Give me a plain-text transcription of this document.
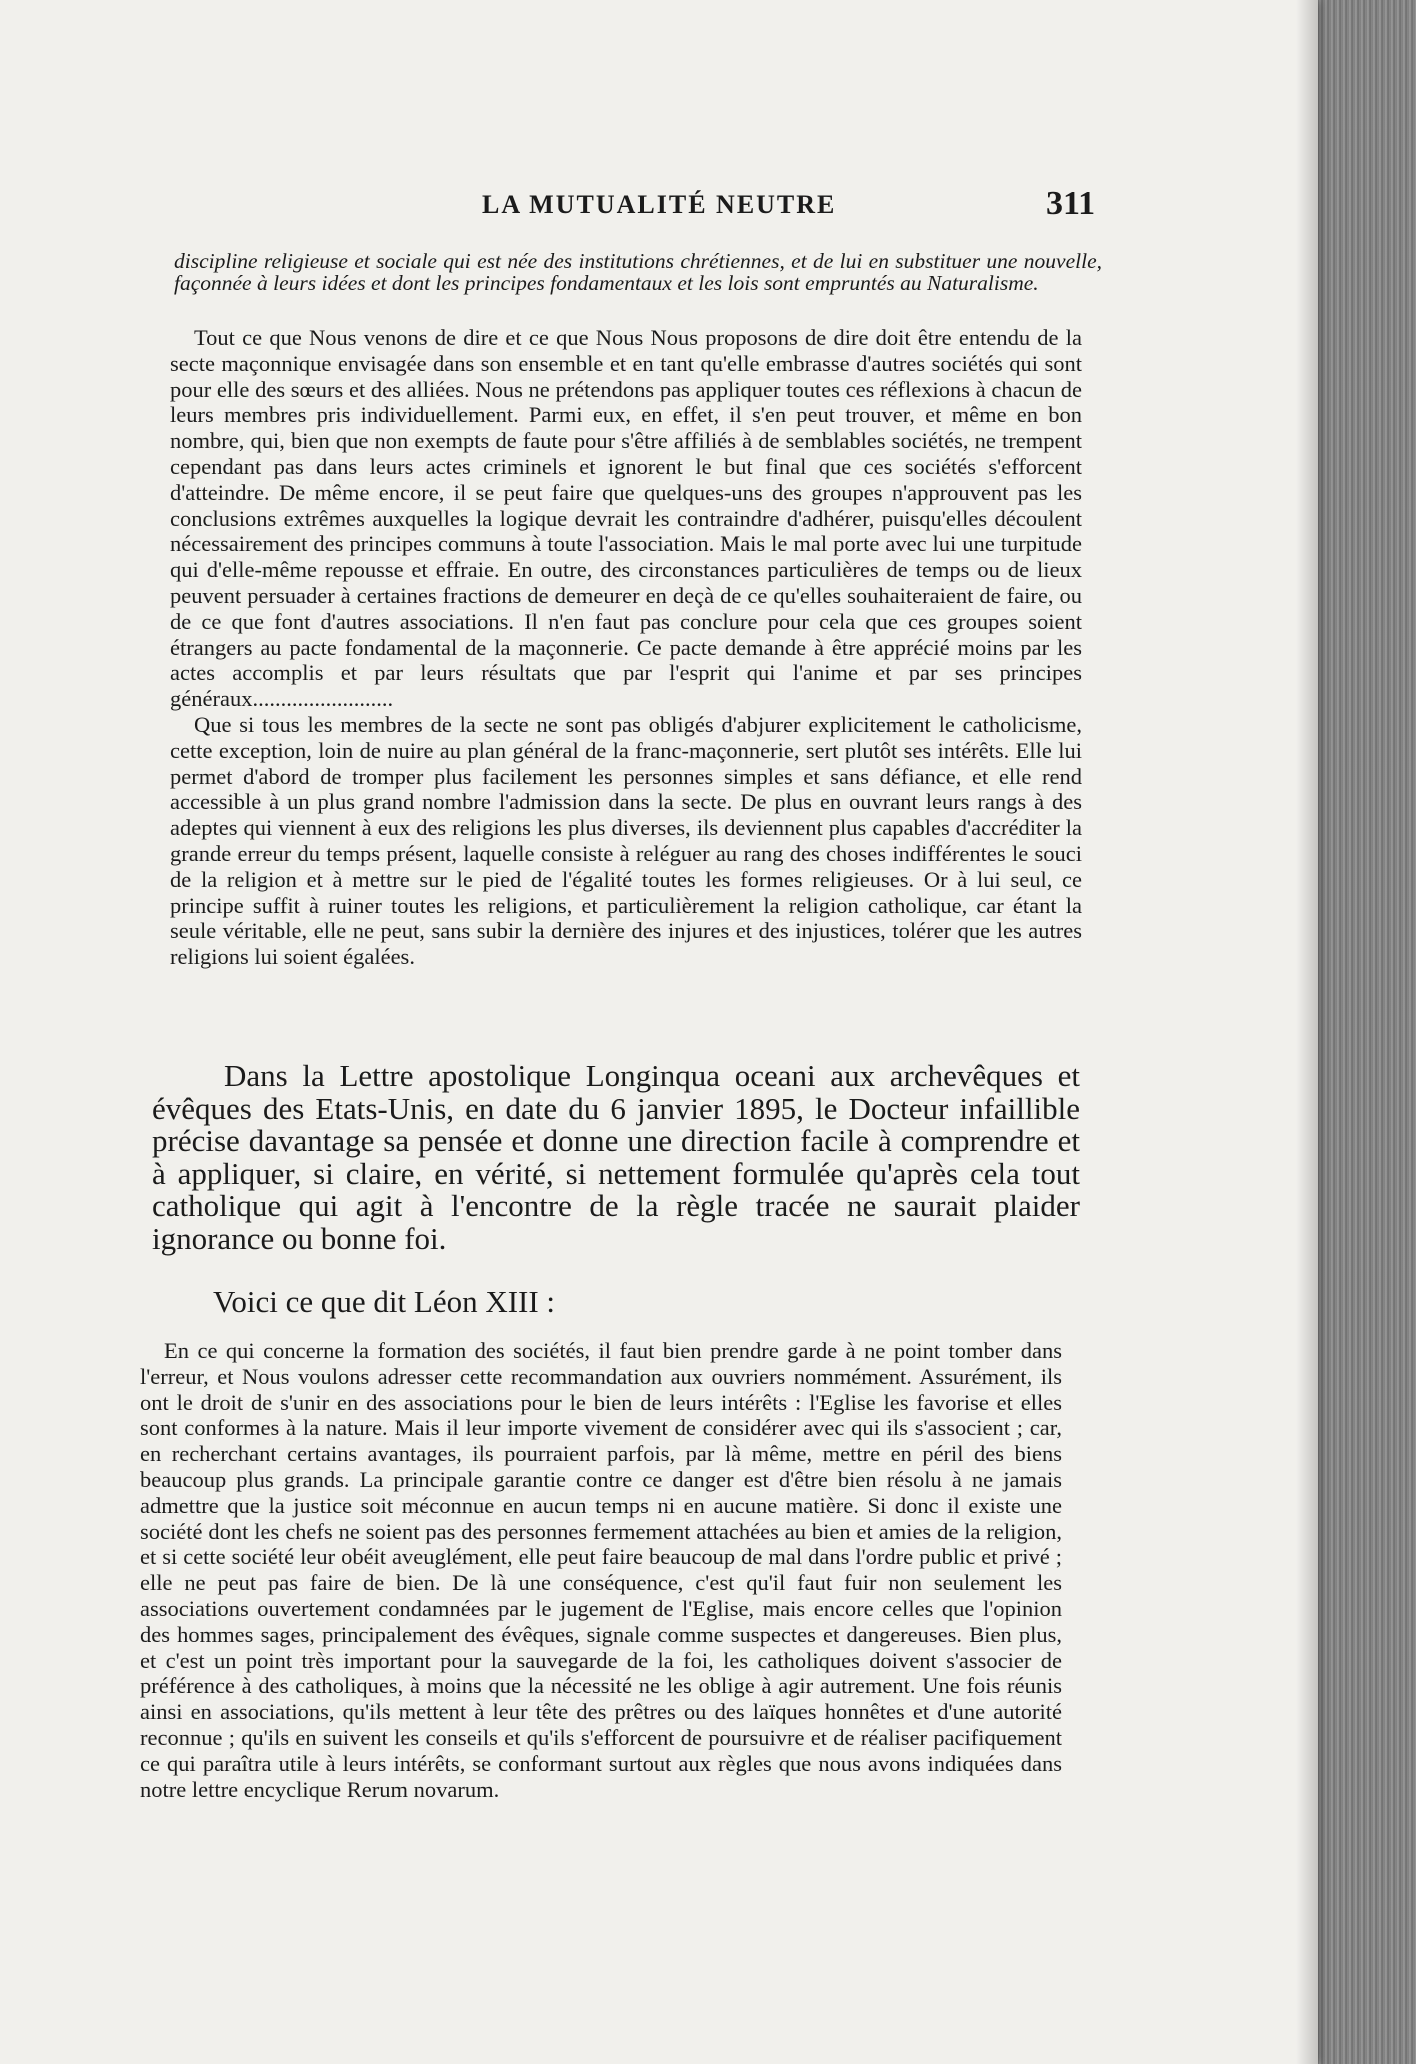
LA MUTUALITÉ NEUTRE	311

discipline religieuse et sociale qui est née des institutions chrétiennes, et de lui en substituer une nouvelle, façonnée à leurs idées et dont les principes fondamentaux et les lois sont empruntés au Naturalisme.

Tout ce que Nous venons de dire et ce que Nous Nous proposons de dire doit être entendu de la secte maçonnique envisagée dans son ensemble et en tant qu'elle embrasse d'autres sociétés qui sont pour elle des sœurs et des alliées. Nous ne prétendons pas appliquer toutes ces réflexions à chacun de leurs membres pris individuellement. Parmi eux, en effet, il s'en peut trouver, et même en bon nombre, qui, bien que non exempts de faute pour s'être affiliés à de semblables sociétés, ne trempent cependant pas dans leurs actes criminels et ignorent le but final que ces sociétés s'efforcent d'atteindre. De même encore, il se peut faire que quelques-uns des groupes n'approuvent pas les conclusions extrêmes auxquelles la logique devrait les contraindre d'adhérer, puisqu'elles découlent nécessairement des principes communs à toute l'association. Mais le mal porte avec lui une turpitude qui d'elle-même repousse et effraie. En outre, des circonstances particulières de temps ou de lieux peuvent persuader à certaines fractions de demeurer en deçà de ce qu'elles souhaiteraient de faire, ou de ce que font d'autres associations. Il n'en faut pas conclure pour cela que ces groupes soient étrangers au pacte fondamental de la maçonnerie. Ce pacte demande à être apprécié moins par les actes accomplis et par leurs résultats que par l'esprit qui l'anime et par ses principes généraux.........................

Que si tous les membres de la secte ne sont pas obligés d'abjurer explicitement le catholicisme, cette exception, loin de nuire au plan général de la franc-maçonnerie, sert plutôt ses intérêts. Elle lui permet d'abord de tromper plus facilement les personnes simples et sans défiance, et elle rend accessible à un plus grand nombre l'admission dans la secte. De plus en ouvrant leurs rangs à des adeptes qui viennent à eux des religions les plus diverses, ils deviennent plus capables d'accréditer la grande erreur du temps présent, laquelle consiste à reléguer au rang des choses indifférentes le souci de la religion et à mettre sur le pied de l'égalité toutes les formes religieuses. Or à lui seul, ce principe suffit à ruiner toutes les religions, et particulièrement la religion catholique, car étant la seule véritable, elle ne peut, sans subir la dernière des injures et des injustices, tolérer que les autres religions lui soient égalées.

Dans la Lettre apostolique Longinqua oceani aux archevêques et évêques des Etats-Unis, en date du 6 janvier 1895, le Docteur infaillible précise davantage sa pensée et donne une direction facile à comprendre et à appliquer, si claire, en vérité, si nettement formulée qu'après cela tout catholique qui agit à l'encontre de la règle tracée ne saurait plaider ignorance ou bonne foi.

Voici ce que dit Léon XIII :

En ce qui concerne la formation des sociétés, il faut bien prendre garde à ne point tomber dans l'erreur, et Nous voulons adresser cette recommandation aux ouvriers nommément. Assurément, ils ont le droit de s'unir en des associations pour le bien de leurs intérêts : l'Eglise les favorise et elles sont conformes à la nature. Mais il leur importe vivement de considérer avec qui ils s'associent ; car, en recherchant certains avantages, ils pourraient parfois, par là même, mettre en péril des biens beaucoup plus grands. La principale garantie contre ce danger est d'être bien résolu à ne jamais admettre que la justice soit méconnue en aucun temps ni en aucune matière. Si donc il existe une société dont les chefs ne soient pas des personnes fermement attachées au bien et amies de la religion, et si cette société leur obéit aveuglément, elle peut faire beaucoup de mal dans l'ordre public et privé ; elle ne peut pas faire de bien. De là une conséquence, c'est qu'il faut fuir non seulement les associations ouvertement condamnées par le jugement de l'Eglise, mais encore celles que l'opinion des hommes sages, principalement des évêques, signale comme suspectes et dangereuses. Bien plus, et c'est un point très important pour la sauvegarde de la foi, les catholiques doivent s'associer de préférence à des catholiques, à moins que la nécessité ne les oblige à agir autrement. Une fois réunis ainsi en associations, qu'ils mettent à leur tête des prêtres ou des laïques honnêtes et d'une autorité reconnue ; qu'ils en suivent les conseils et qu'ils s'efforcent de poursuivre et de réaliser pacifiquement ce qui paraîtra utile à leurs intérêts, se conformant surtout aux règles que nous avons indiquées dans notre lettre encyclique Rerum novarum.
